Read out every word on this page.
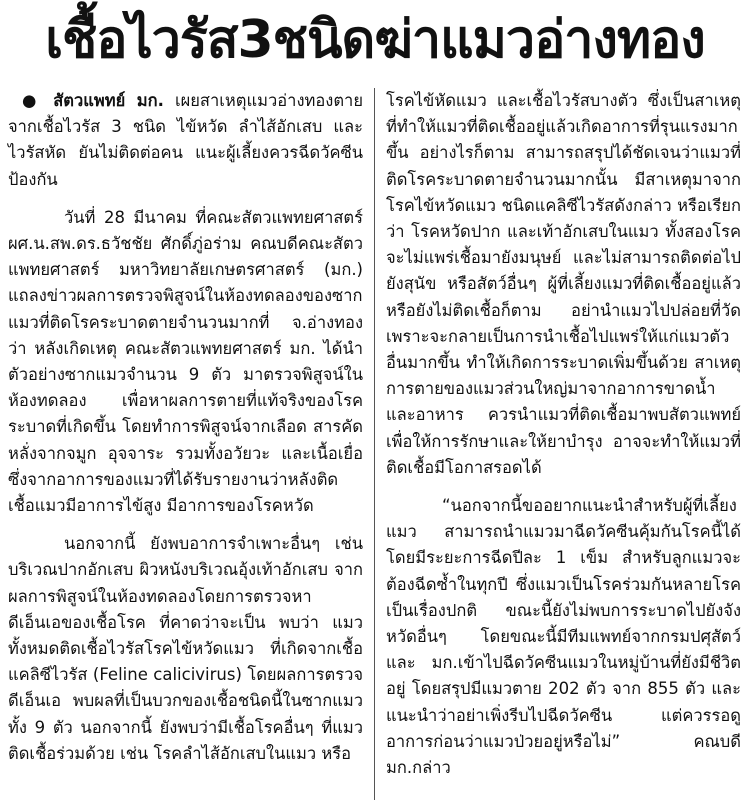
เชื้อไวรัส3ชนิดฆ่าแมวอ่างทอง

● สัตวแพทย์ มก. เผยสาเหตุแมวอ่างทองตายจากเชื้อไวรัส 3 ชนิด ไข้หวัด ลำไส้อักเสบ และไวรัสหัด ยันไม่ติดต่อคน แนะผู้เลี้ยงควรฉีดวัคซีนป้องกัน

วันที่ 28 มีนาคม ที่คณะสัตวแพทยศาสตร์ ผศ.น.สพ.ดร.ธวัชชัย ศักดิ์ภู่อร่าม คณบดีคณะสัตวแพทยศาสตร์ มหาวิทยาลัยเกษตรศาสตร์ (มก.) แถลงข่าวผลการตรวจพิสูจน์ในห้องทดลองของซากแมวที่ติดโรคระบาดตายจำนวนมากที่ จ.อ่างทอง ว่า หลังเกิดเหตุ คณะสัตวแพทยศาสตร์ มก. ได้นำตัวอย่างซากแมวจำนวน 9 ตัว มาตรวจพิสูจน์ในห้องทดลอง เพื่อหาผลการตายที่แท้จริงของโรคระบาดที่เกิดขึ้น โดยทำการพิสูจน์จากเลือด สารคัดหลั่งจากจมูก อุจจาระ รวมทั้งอวัยวะ และเนื้อเยื่อซึ่งจากอาการของแมวที่ได้รับรายงานว่าหลังติดเชื้อแมวมีอาการไข้สูง มีอาการของโรคหวัด

นอกจากนี้ ยังพบอาการจำเพาะอื่นๆ เช่น บริเวณปากอักเสบ ผิวหนังบริเวณอุ้งเท้าอักเสบ จากผลการพิสูจน์ในห้องทดลองโดยการตรวจหาดีเอ็นเอของเชื้อโรค ที่คาดว่าจะเป็น พบว่า แมวทั้งหมดติดเชื้อไวรัสโรคไข้หวัดแมว ที่เกิดจากเชื้อแคลิซีไวรัส (Feline calicivirus) โดยผลการตรวจดีเอ็นเอ พบผลที่เป็นบวกของเชื้อชนิดนี้ในซากแมวทั้ง 9 ตัว นอกจากนี้ ยังพบว่ามีเชื้อโรคอื่นๆ ที่แมวติดเชื้อร่วมด้วย เช่น โรคลำไส้อักเสบในแมว หรือ

โรคไข้หัดแมว และเชื้อไวรัสบางตัว ซึ่งเป็นสาเหตุที่ทำให้แมวที่ติดเชื้ออยู่แล้วเกิดอาการที่รุนแรงมากขึ้น อย่างไรก็ตาม สามารถสรุปได้ชัดเจนว่าแมวที่ติดโรคระบาดตายจำนวนมากนั้น มีสาเหตุมาจากโรคไข้หวัดแมว ชนิดแคลิซีไวรัสดังกล่าว หรือเรียกว่า โรคหวัดปาก และเท้าอักเสบในแมว ทั้งสองโรคจะไม่แพร่เชื้อมายังมนุษย์ และไม่สามารถติดต่อไปยังสุนัข หรือสัตว์อื่นๆ ผู้ที่เลี้ยงแมวที่ติดเชื้ออยู่แล้วหรือยังไม่ติดเชื้อก็ตาม อย่านำแมวไปปล่อยที่วัดเพราะจะกลายเป็นการนำเชื้อไปแพร่ให้แก่แมวตัวอื่นมากขึ้น ทำให้เกิดการระบาดเพิ่มขึ้นด้วย สาเหตุการตายของแมวส่วนใหญ่มาจากอาการขาดน้ำ และอาหาร ควรนำแมวที่ติดเชื้อมาพบสัตวแพทย์เพื่อให้การรักษาและให้ยาบำรุง อาจจะทำให้แมวที่ติดเชื้อมีโอกาสรอดได้

“นอกจากนี้ขออยากแนะนำสำหรับผู้ที่เลี้ยงแมว สามารถนำแมวมาฉีดวัคซีนคุ้มกันโรคนี้ได้ โดยมีระยะการฉีดปีละ 1 เข็ม สำหรับลูกแมวจะต้องฉีดซ้ำในทุกปี ซึ่งแมวเป็นโรคร่วมกันหลายโรคเป็นเรื่องปกติ ขณะนี้ยังไม่พบการระบาดไปยังจังหวัดอื่นๆ โดยขณะนี้มีทีมแพทย์จากกรมปศุสัตว์ และ มก.เข้าไปฉีดวัคซีนแมวในหมู่บ้านที่ยังมีชีวิตอยู่ โดยสรุปมีแมวตาย 202 ตัว จาก 855 ตัว และแนะนำว่าอย่าเพิ่งรีบไปฉีดวัคซีน แต่ควรรอดูอาการก่อนว่าแมวป่วยอยู่หรือไม่” คณบดี มก.กล่าว
